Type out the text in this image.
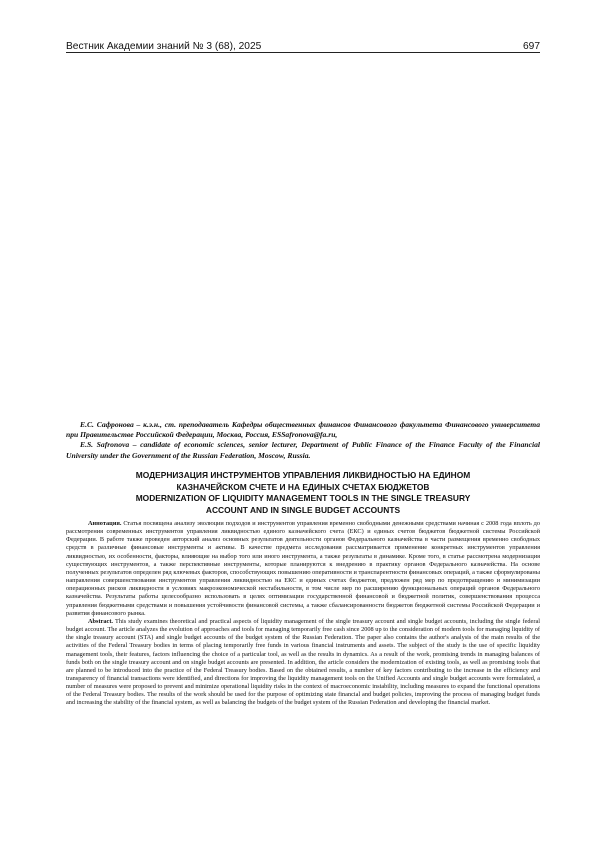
Вестник Академии знаний № 3 (68), 2025	697

Е.С. Сафронова – к.э.н., ст. преподаватель Кафедры общественных финансов Финансового факультета Финансового университета при Правительстве Российской Федерации, Москва, Россия, ESSafronova@fa.ru,

E.S. Safronova – candidate of economic sciences, senior lecturer, Department of Public Finance of the Finance Faculty of the Financial University under the Government of the Russian Federation, Moscow, Russia.

МОДЕРНИЗАЦИЯ ИНСТРУМЕНТОВ УПРАВЛЕНИЯ ЛИКВИДНОСТЬЮ НА ЕДИНОМ
КАЗНАЧЕЙСКОМ СЧЕТЕ И НА ЕДИНЫХ СЧЕТАХ БЮДЖЕТОВ
MODERNIZATION OF LIQUIDITY MANAGEMENT TOOLS IN THE SINGLE TREASURY
ACCOUNT AND IN SINGLE BUDGET ACCOUNTS

Аннотация. Статья посвящена анализу эволюции подходов и инструментов управления временно свободными денежными средствами начиная с 2008 года вплоть до рассмотрения современных инструментов управления ликвидностью единого казначейского счета (ЕКС) и единых счетов бюджетов бюджетной системы Российской Федерации. В работе также проведен авторский анализ основных результатов деятельности органов Федерального казначейства в части размещения временно свободных средств в различные финансовые инструменты и активы. В качестве предмета исследования рассматривается применение конкретных инструментов управления ликвидностью, их особенности, факторы, влияющие на выбор того или иного инструмента, а также результаты в динамике. Кроме того, в статье рассмотрена модернизация существующих инструментов, а также перспективные инструменты, которые планируются к внедрению в практику органов Федерального казначейства. На основе полученных результатов определен ряд ключевых факторов, способствующих повышению оперативности и транспарентности финансовых операций, а также сформулированы направления совершенствования инструментов управления ликвидностью на ЕКС и единых счетах бюджетов, предложен ряд мер по предотвращению и минимизации операционных рисков ликвидности в условиях макроэкономической нестабильности, в том числе мер по расширению функциональных операций органов Федерального казначейства. Результаты работы целесообразно использовать в целях оптимизации государственной финансовой и бюджетной политик, совершенствования процесса управления бюджетными средствами и повышения устойчивости финансовой системы, а также сбалансированности бюджетов бюджетной системы Российской Федерации и развития финансового рынка.

Abstract. This study examines theoretical and practical aspects of liquidity management of the single treasury account and single budget accounts, including the single federal budget account. The article analyzes the evolution of approaches and tools for managing temporarily free cash since 2008 up to the consideration of modern tools for managing liquidity of the single treasury account (STA) and single budget accounts of the budget system of the Russian Federation. The paper also contains the author's analysis of the main results of the activities of the Federal Treasury bodies in terms of placing temporarily free funds in various financial instruments and assets. The subject of the study is the use of specific liquidity management tools, their features, factors influencing the choice of a particular tool, as well as the results in dynamics. As a result of the work, promising trends in managing balances of funds both on the single treasury account and on single budget accounts are presented. In addition, the article considers the modernization of existing tools, as well as promising tools that are planned to be introduced into the practice of the Federal Treasury bodies. Based on the obtained results, a number of key factors contributing to the increase in the efficiency and transparency of financial transactions were identified, and directions for improving the liquidity management tools on the Unified Accounts and single budget accounts were formulated, a number of measures were proposed to prevent and minimize operational liquidity risks in the context of macroeconomic instability, including measures to expand the functional operations of the Federal Treasury bodies. The results of the work should be used for the purpose of optimizing state financial and budget policies, improving the process of managing budget funds and increasing the stability of the financial system, as well as balancing the budgets of the budget system of the Russian Federation and developing the financial market.
